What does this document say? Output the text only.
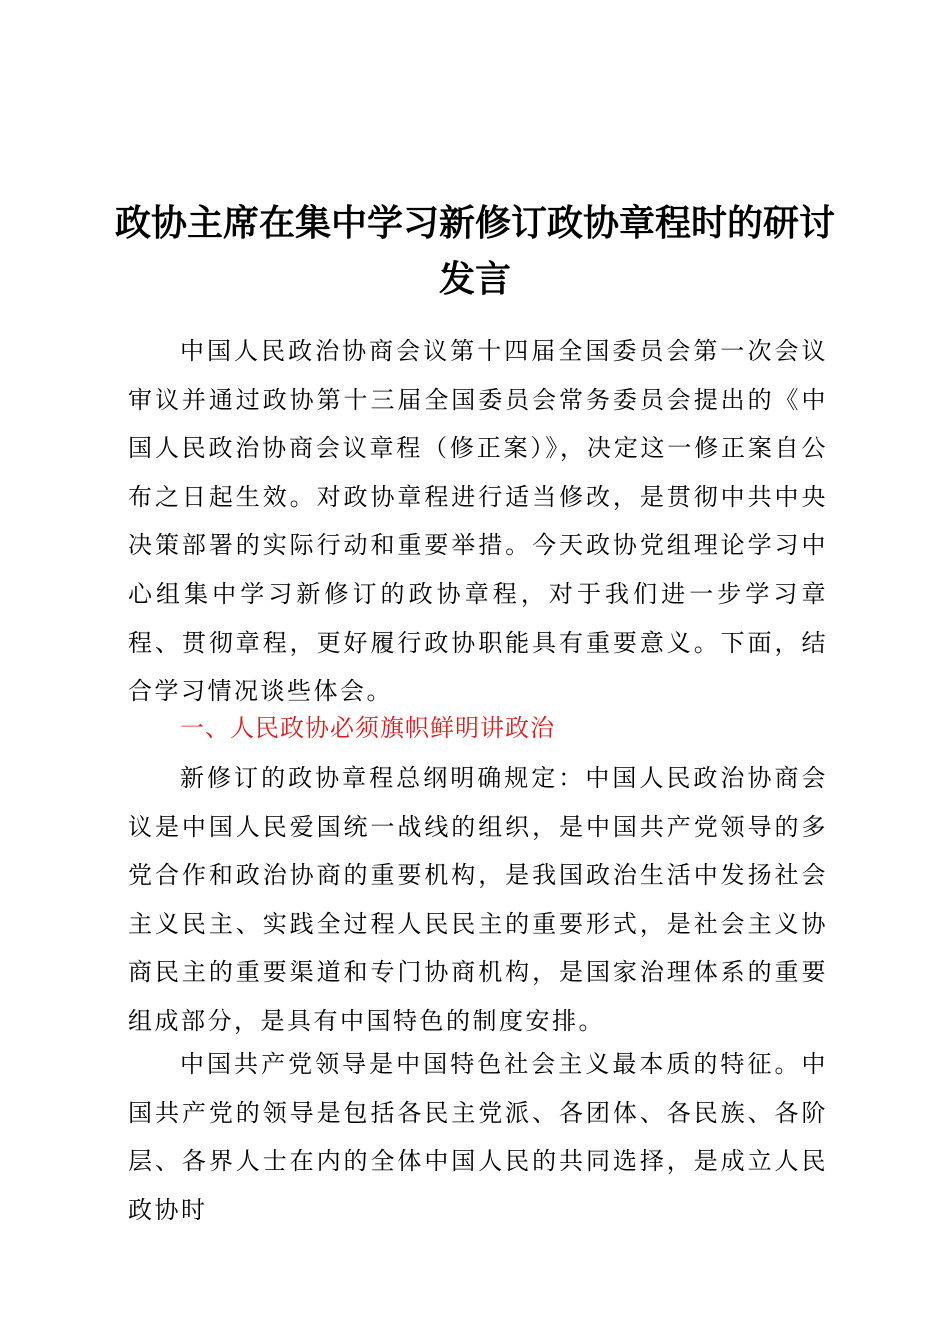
政协主席在集中学习新修订政协章程时的研讨发言

中国人民政治协商会议第十四届全国委员会第一次会议审议并通过政协第十三届全国委员会常务委员会提出的《中国人民政治协商会议章程（修正案）》，决定这一修正案自公布之日起生效。对政协章程进行适当修改，是贯彻中共中央决策部署的实际行动和重要举措。今天政协党组理论学习中心组集中学习新修订的政协章程，对于我们进一步学习章程、贯彻章程，更好履行政协职能具有重要意义。下面，结合学习情况谈些体会。

一、人民政协必须旗帜鲜明讲政治

新修订的政协章程总纲明确规定：中国人民政治协商会议是中国人民爱国统一战线的组织，是中国共产党领导的多党合作和政治协商的重要机构，是我国政治生活中发扬社会主义民主、实践全过程人民民主的重要形式，是社会主义协商民主的重要渠道和专门协商机构，是国家治理体系的重要组成部分，是具有中国特色的制度安排。

中国共产党领导是中国特色社会主义最本质的特征。中国共产党的领导是包括各民主党派、各团体、各民族、各阶层、各界人士在内的全体中国人民的共同选择，是成立人民政协时
